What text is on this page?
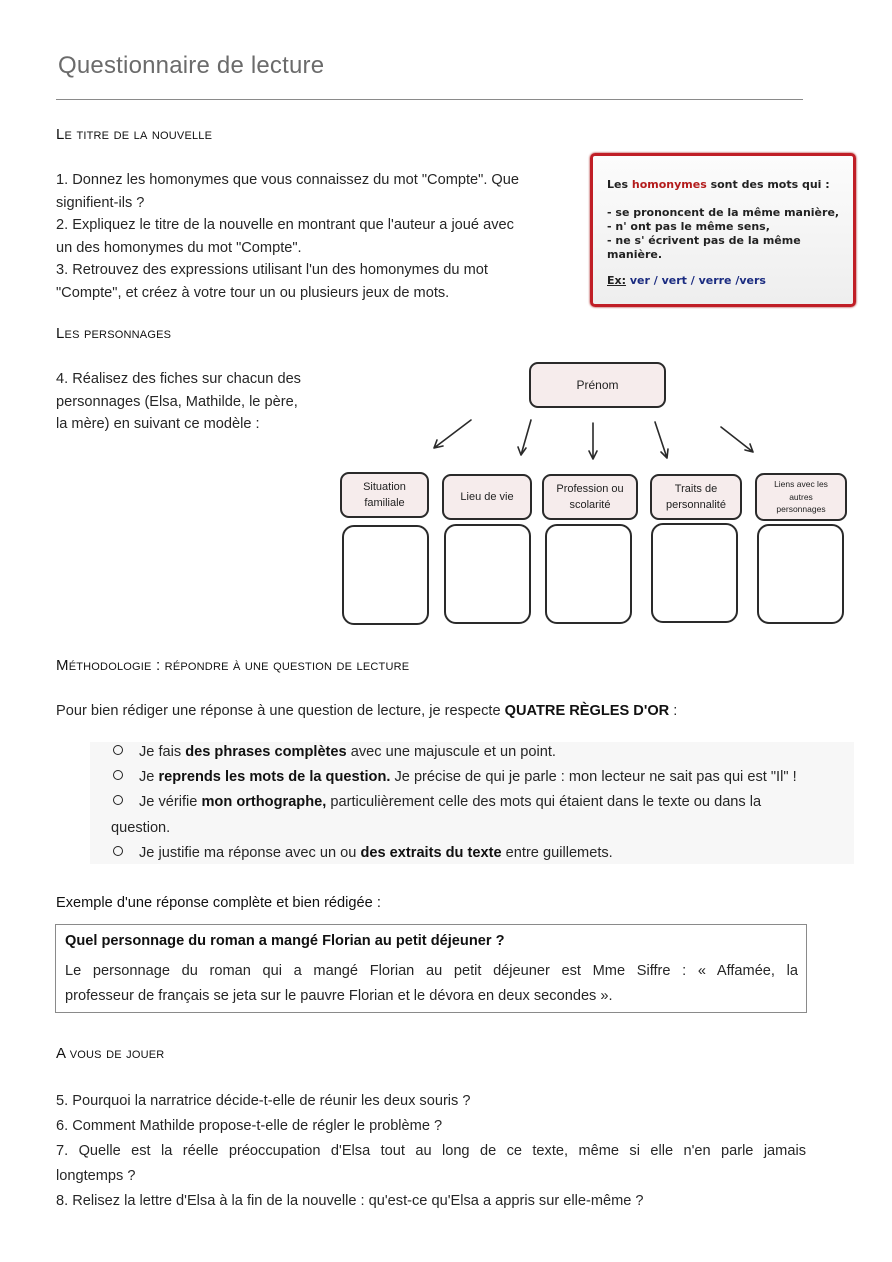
Questionnaire de lecture
Le titre de la nouvelle
1. Donnez les homonymes que vous connaissez du mot "Compte". Que
signifient-ils ?
2. Expliquez le titre de la nouvelle en montrant que l'auteur a joué avec
un des homonymes du mot "Compte".
3. Retrouvez des expressions utilisant l'un des homonymes du mot
"Compte", et créez à votre tour un ou plusieurs jeux de mots.
Les homonymes sont des mots qui :
- se prononcent de la même manière,
- n' ont pas le même sens,
- ne s' écrivent pas de la même manière.
Ex: ver / vert / verre /vers
Les personnages
4. Réalisez des fiches sur chacun des
personnages (Elsa, Mathilde, le père,
la mère) en suivant ce modèle :
Prénom
Situation
familiale	Lieu de vie
Profession ou
scolarité
Traits de
personnalité
Liens avec les
autres
personnages
Méthodologie : répondre à une question de lecture
Pour bien rédiger une réponse à une question de lecture, je respecte QUATRE RÈGLES D'OR :
Je fais des phrases complètes avec une majuscule et un point.
Je reprends les mots de la question. Je précise de qui je parle : mon lecteur ne sait pas qui est "Il" !
Je vérifie mon orthographe, particulièrement celle des mots qui étaient dans le texte ou dans la
question.
Je justifie ma réponse avec un ou des extraits du texte entre guillemets.
Exemple d'une réponse complète et bien rédigée :
Quel personnage du roman a mangé Florian au petit déjeuner ?
Le personnage du roman qui a mangé Florian au petit déjeuner est Mme Siffre : « Affamée, la
professeur de français se jeta sur le pauvre Florian et le dévora en deux secondes ».
A vous de jouer
5. Pourquoi la narratrice décide-t-elle de réunir les deux souris ?
6. Comment Mathilde propose-t-elle de régler le problème ?
7. Quelle est la réelle préoccupation d'Elsa tout au long de ce texte, même si elle n'en parle jamais
longtemps ?
8. Relisez la lettre d'Elsa à la fin de la nouvelle : qu'est-ce qu'Elsa a appris sur elle-même ?
